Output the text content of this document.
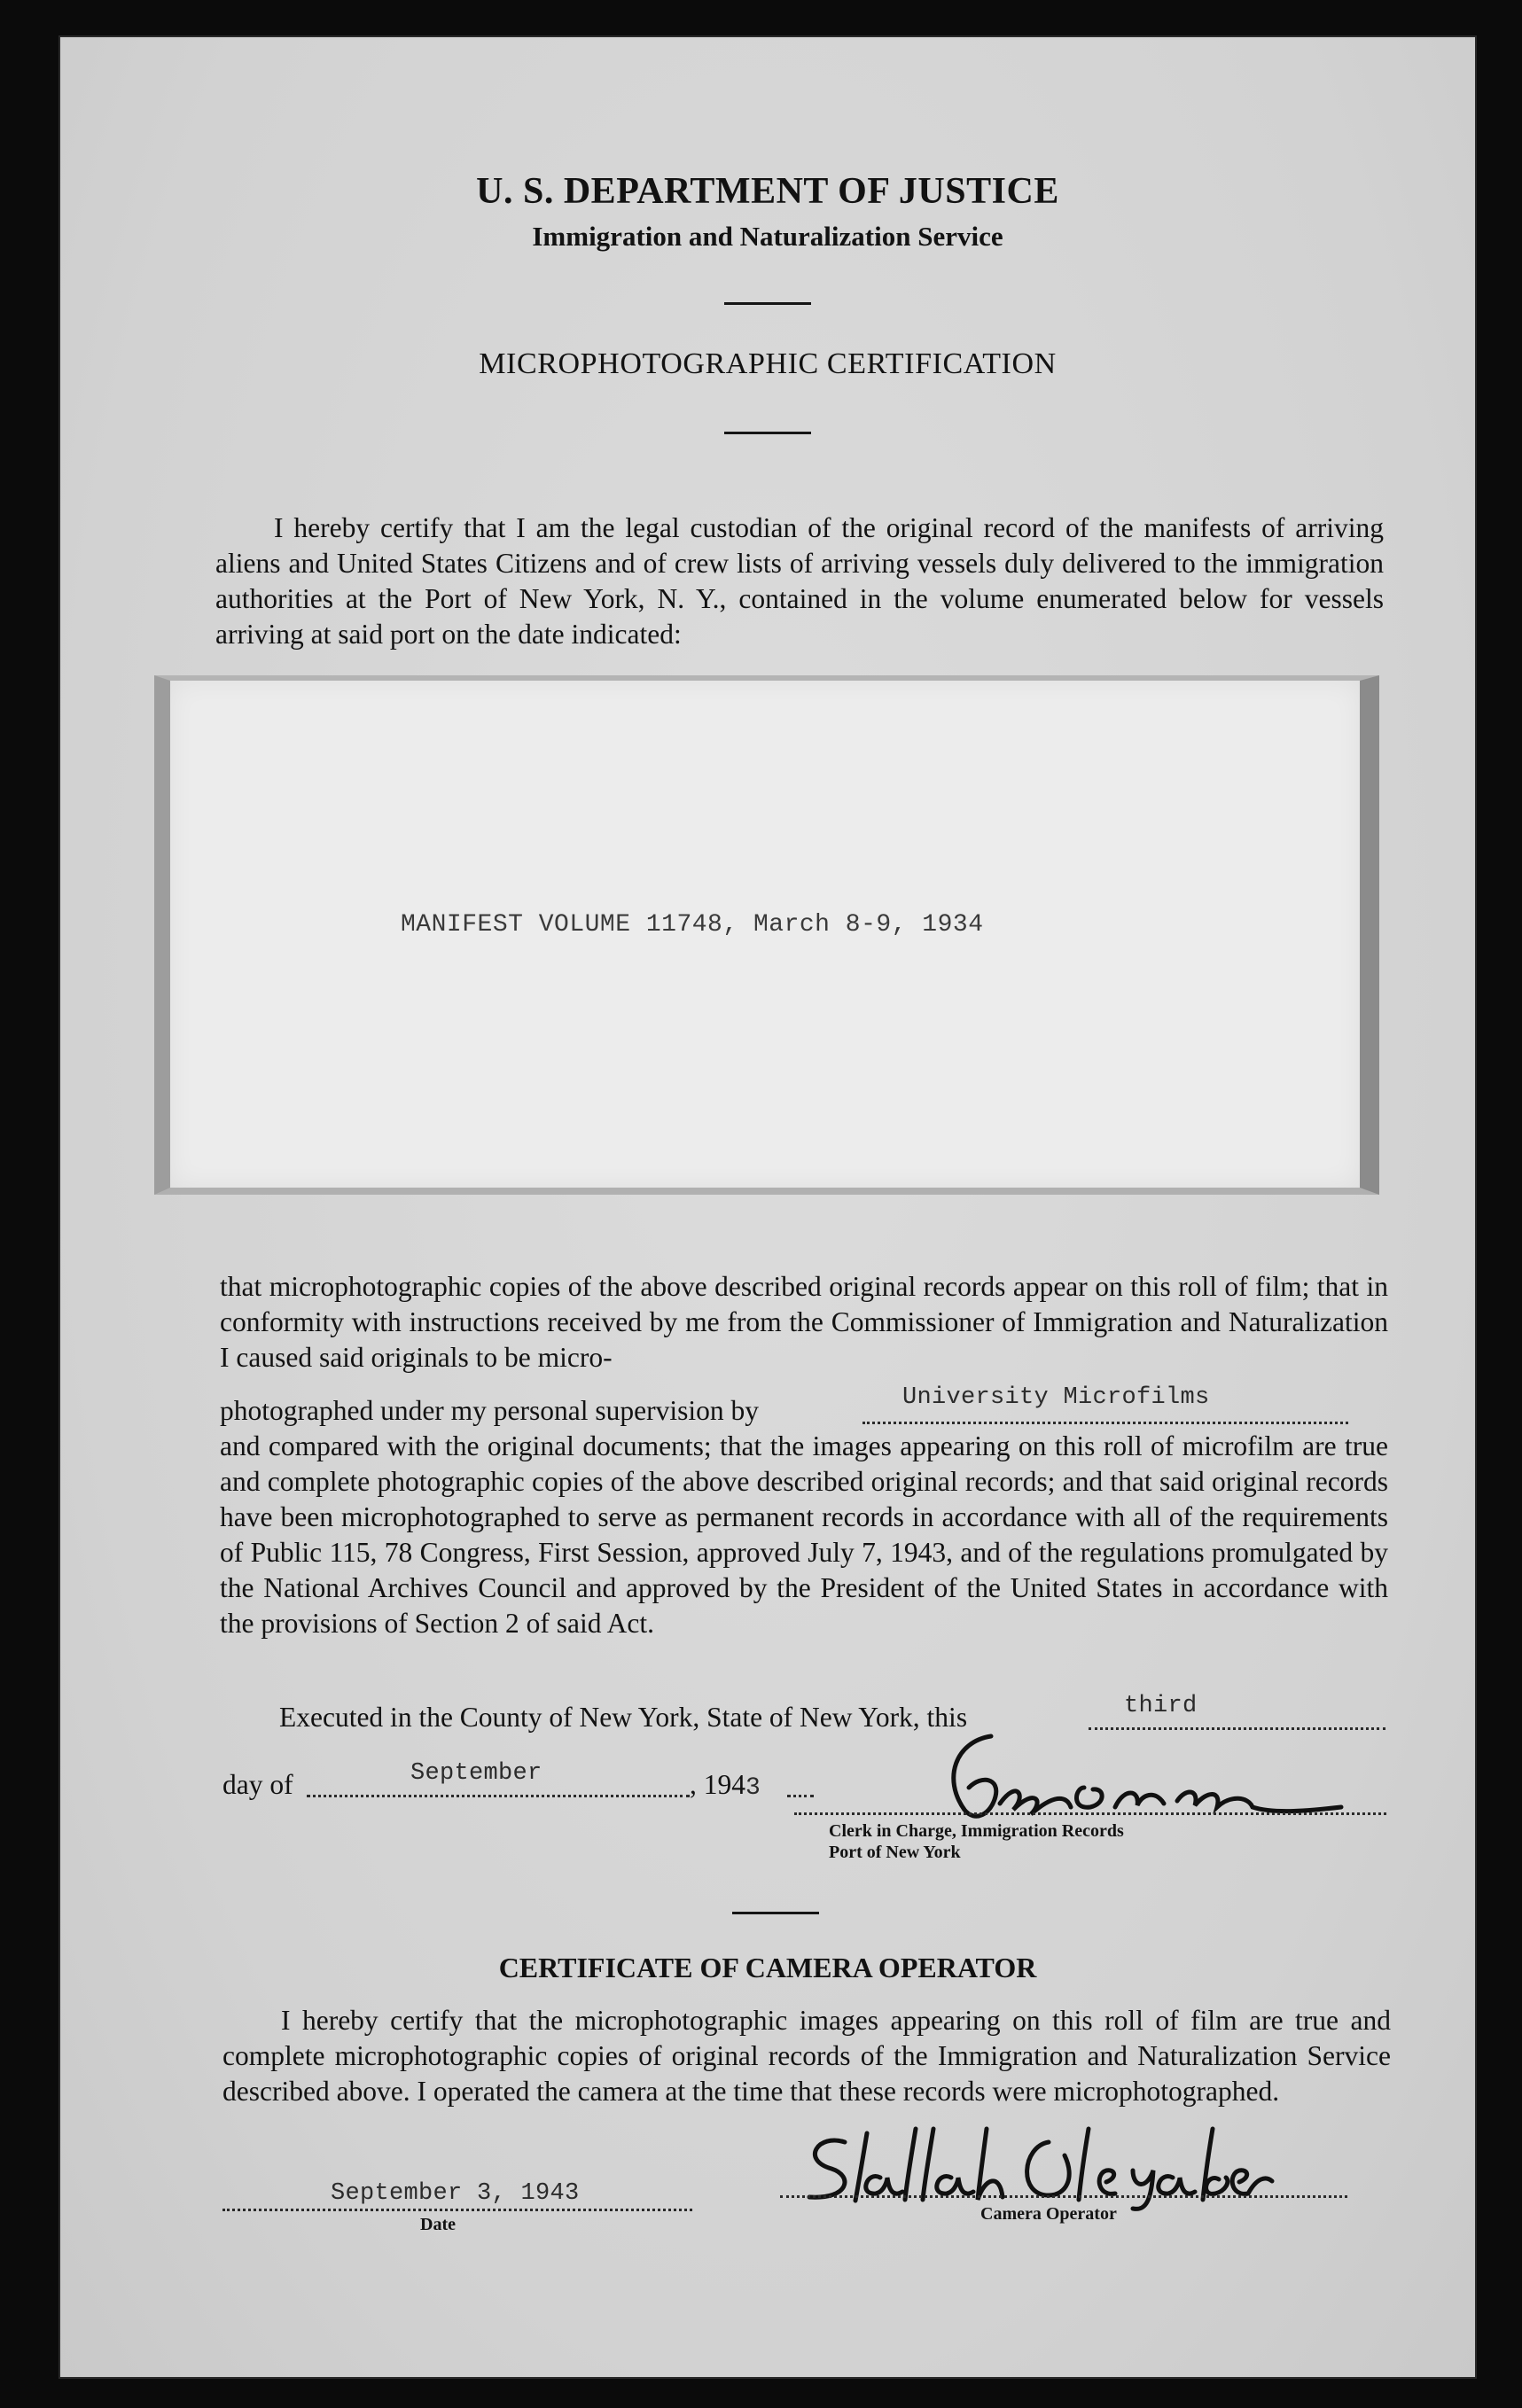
U. S. DEPARTMENT OF JUSTICE
Immigration and Naturalization Service
MICROPHOTOGRAPHIC CERTIFICATION

I hereby certify that I am the legal custodian of the original record of the manifests of arriving aliens and United States Citizens and of crew lists of arriving vessels duly delivered to the immigration authorities at the Port of New York, N. Y., contained in the volume enumerated below for vessels arriving at said port on the date indicated:

MANIFEST VOLUME 11748, March 8-9, 1934

that microphotographic copies of the above described original records appear on this roll of film; that in conformity with instructions received by me from the Commissioner of Immigration and Naturalization I caused said originals to be micro-

photographed under my personal supervision by	University Microfilms

and compared with the original documents; that the images appearing on this roll of microfilm are true and complete photographic copies of the above described original records; and that said original records have been microphotographed to serve as permanent records in accordance with all of the requirements of Public 115, 78 Congress, First Session, approved July 7, 1943, and of the regulations promulgated by the National Archives Council and approved by the President of the United States in accordance with the provisions of Section 2 of said Act.

Executed in the County of New York, State of New York, this	third
day of	September	, 1943
Clerk in Charge, Immigration Records
Port of New York
CERTIFICATE OF CAMERA OPERATOR

I hereby certify that the microphotographic images appearing on this roll of film are true and complete microphotographic copies of original records of the Immigration and Naturalization Service described above. I operated the camera at the time that these records were microphotographed.

September 3, 1943
Date
Camera Operator
